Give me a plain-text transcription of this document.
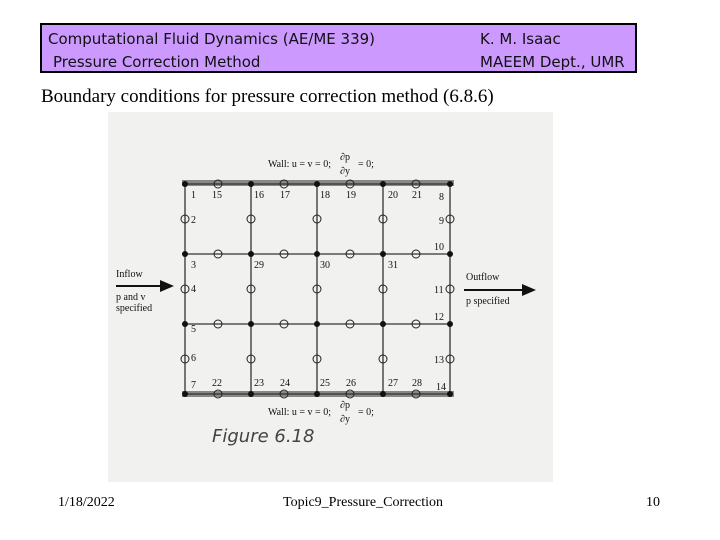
Computational Fluid Dynamics (AE/ME 339)
Pressure Correction Method
K. M. Isaac
MAEEM Dept., UMR
Boundary conditions for pressure correction method (6.8.6)
Wall: u = v = 0;
∂p
∂y
= 0;
Wall: u = v = 0;
∂p
∂y
= 0;
Inflow
p and v
specified
Outflow
p specified
1 15	16 17	18 19	20 21 8
2	9
10
3	29	30	31
4	11
5
12
6	13
7 22	23 24	25 26	27 28 14
Figure 6.18
1/18/2022	Topic9_Pressure_Correction	10
